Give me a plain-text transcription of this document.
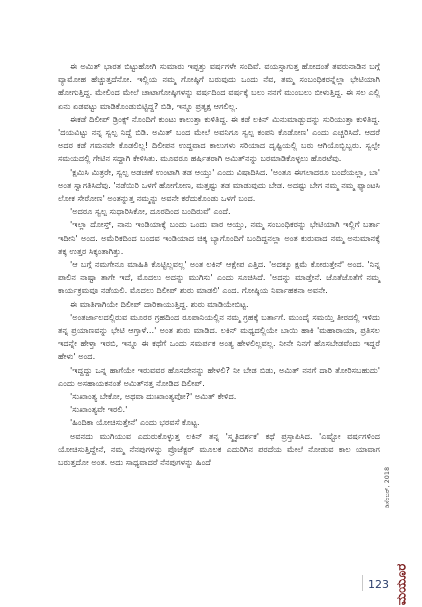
ಈ ಅಮಿತ್ ಭಾರತ ಬಿಟ್ಟುಹೋಗಿ ಸುಮಾರು ಇಪ್ಪತ್ತು ವರ್ಷಗಳೇ ಸಂದಿವೆ. ವಯಸ್ಸಾಗುತ್ತ ಹೋದಂತೆ ತವರುನಾಡಿನ ಬಗ್ಗೆ ವ್ಯಾಮೋಹ ಹೆಚ್ಚುತ್ತದೆನೋ. ಇಲ್ಲಿಯ ನಮ್ಮ ಗೋಷ್ಠಿಗೆ ಬರುವುದು ಒಂದು ನೆವ, ತಮ್ಮ ಸಂಬಂಧಿಕರನ್ನೆಲ್ಲಾ ಭೇಟಿಯಾಗಿ ಹೋಗುತ್ತಿದ್ದ. ಮೇಲಿಂದ ಮೇಲೆ ಚಾಟಾಗೋಷ್ಠಿಗಳನ್ನು ವರ್ಷದಿಂದ ವರ್ಷಕ್ಕೆ ಬಲು ನನಗೆ ಮುಂಬಲು ಬೀಳುತ್ತಿದ್ದ. ಈ ಸಲ ಎಲ್ಲಿ ಏನು ಏಡವಟ್ಟು ಮಾಡಿಕೊಂಡುಬಿಟ್ಟಿದ್ದ? ಬಿಡಿ, ಇನ್ನೂ ಪ್ರತ್ಯಕ್ಷ ಆಗಲಿಲ್ಲ.

ಈಕಡೆ ದಿಲೀಪ್ ಡ್ರಿಂಕ್ಸ್ ನೊಂದಿಗೆ ಕುಂಟು ಕಾಲುತ್ತಾ ಕುಳಿತಿದ್ದ. ಈ ಕಡೆ ಲಕಿನ್ ಮಿನುಮಾಡ್ಬುದನ್ನು ಸುರಿಯುತ್ತಾ ಕುಳಿತಿದ್ದ. 'ದಯವಿಟ್ಟು ನನ್ನ ಸ್ವಲ್ಪ ನಿದ್ದೆ ಬಿಡಿ. ಅಮಿತ್ ಬಂದ ಮೇಲೆ ಅವನಿಗೂ ಸ್ವಲ್ಪ ಕಂಪನಿ ಕೊಡೋಣ' ಎಂದು ಎಚ್ಚರಿಸಿದೆ. ಆದರೆ ಅದರ ಕಡೆ ಗಮನವೇ ಕೊಡಲಿಲ್ಲ! ದಿಲೀಪನ ಉದ್ದವಾದ ಕಾಲುಗಳು ಸರಿಯಾದ ದೃಷ್ಟಿಯಲ್ಲಿ ಬರು ಆಗಿಯೊಬ್ಬಿಬ್ಬರು. ಸ್ವಲ್ಪೇ ಸಮಯದಲ್ಲಿ ಗೇಟಿನ ಸದ್ದಾಗಿ ಕೇಳಿಸಿತು. ಮೂವರೂ ಹರ್ಷಿತರಾಗಿ ಅಮಿತ್‌ನನ್ನು ಬರಮಾಡಿಕೊಳ್ಳಲು ಹೊರಟೆವು.

'ಕ್ಷಮಿಸಿ ಮಿತ್ರರೇ, ಸ್ವಲ್ಪ ಅಡಚಣೆ ಉಂಟಾಗಿ ತಡ ಆಯ್ತು' ಎಂದು ವಿಷಾದಿಸಿದ. 'ಅಂತೂ ಈಗಲಾದರೂ ಬಂದೆಯಲ್ಲಾ, ಬಾ' ಅಂತ ಸ್ವಾಗತಿಸಿದೆವು. 'ನಡೆಯಿರಿ ಒಳಗೆ ಹೋಗೋಣ, ಮತ್ತಷ್ಟು ತಡ ಮಾಡುವುದು ಬೇಡ. ಅದಷ್ಟು ಬೇಗ ನಮ್ಮ ನಮ್ಮ ಫ್ಯಾಂಟಸಿ ಲೋಕ ಸೇರೋಣ' ಅಂತನ್ನುತ್ತ ನಮ್ಮನ್ನು ಅವನೇ ಕರೆದುಕೊಂಡು ಒಳಗೆ ಬಂದ.

'ಅದರೂ ಸ್ವಲ್ಪ ಸುಧಾರಿಸಿಕೋ, ದೂರದಿಂದ ಬಂದಿರುವೆ' ಎಂದೆ.

'ಇಲ್ಲಾ ದೋಸ್ತ್, ನಾನು ಇಂಡಿಯಾಕ್ಕೆ ಬಂದು ಒಂದು ವಾರ ಆಯ್ತು, ನಮ್ಮ ಸಂಬಂಧಿಕರನ್ನು ಭೇಟಿಯಾಗಿ ಇಲ್ಲಿಗೆ ಬರ್ತಾ ಇದೀನಿ' ಅಂದ. ಅಮೆರಿಕದಿಂದ ಬಂದವ ಇಂಡಿಯಾದ ಚಿಕ್ಕ ಬ್ಯಾಗೊಂದಿಗೆ ಬಂದಿದ್ದನಲ್ಲಾ ಅಂತ ಕುರುವಾದ ನಮ್ಮ ಅನುಮಾನಕ್ಕೆ ತಕ್ಕ ಉತ್ತರ ಸಿಕ್ಕಂತಾಗಿತ್ತು.

'ಆ ಬಗ್ಗೆ ನಮಗೇನೂ ಮಾಹಿತಿ ಕೊಟ್ಟಿಲ್ಲವಲ್ಲ' ಅಂತ ಲಕಿನ್ ಆಕ್ಷೇಪ ಎತ್ತಿದ. 'ಅದಕ್ಕೂ ಕ್ಷಮೆ ಕೋರುತ್ತೇನೆ' ಅಂದ. 'ನಿನ್ನ ಪಾಲಿನ ನಾಷ್ಟಾ ತಾಗೇ ಇದೆ, ಮೊದಲು ಅದನ್ನು ಮುಗಿಸು' ಎಂದು ಸೂಚಿಸಿದೆ. 'ಅದನ್ನು ಮಾಡ್ತೇನೆ. ಜೊತೆಜೊತೆಗೆ ನಮ್ಮ ಕಾರ್ಯಕ್ರಮವೂ ನಡೆಯಲಿ. ಮೊದಲು ದಿಲೀಪ್ ಶುರು ಮಾಡಲಿ' ಎಂದ. ಗೋಷ್ಠಿಯ ನಿರ್ವಾಹಕನಾ ಅವನೇ.

ಈ ಮಾತಿಗಾಗಿಯೇ ದಿಲೀಪ್ ದಾರಿಕಾಯುತ್ತಿದ್ದ. ಶುರು ಮಾಡಿಯೇಬಿಟ್ಟ.

'ಅಂತರ್ಜಾಲದಲ್ಲಿರುವ ಮೂರರ ಗ್ರಹದಿಂದ ರೂಪಾನಿಯಲ್ಲಿನ ನಮ್ಮ ಗ್ರಹಕ್ಕೆ ಬರ್ತಾಗೆ. ಮುಂದೈ ಸಮಯ್ತಿ ತೀರದಲ್ಲಿ ಇಳಿದು ತನ್ನ ಪ್ರಯಾಣವನ್ನು ಭೇಟಿ ಆಗ್ತಾಳೆ...' ಅಂತ ಶುರು ಮಾಡಿದ. ಲಕಿನ್ ಮಧ್ಯದಲ್ಲಿಯೇ ಬಾಯಿ ಹಾಕಿ 'ಮಹಾರಾಯಾ, ಪ್ರತಿಸಲ ಇದನ್ನೇ ಹೇಳ್ತಾ ಇರಬಿ, ಇನ್ನೂ ಈ ಕಥೆಗೆ ಒಂದು ಸಮರ್ಪಕ ಅಂತ್ಯ ಹೇಳಲಿಲ್ಲವಲ್ಲ. ನೀನೇ ನಿನಗೆ ಹೊಸಬೇಡವೆಂದು ಇದ್ದರೆ ಹೇಳು' ಅಂದ.

'ಇದ್ದದ್ದು ಒನ್ನ ಹಾಗೆಯೇ ಇರುವವರ ಹೊಸದೇನನ್ನು ಹೇಳಲಿ? ನೀ ಬೇಡ ಬಿಡು, ಅಮಿತ್ ನನಗೆ ದಾರಿ ತೋರಿಸಬಹುದು' ಎಂದು ಅಸಹಾಯಕನಂತೆ ಅಮಿತ್‌ನತ್ತ ನೋಡಿದ ದಿಲೀಪ್.

'ಸುಖಾಂತ್ಯ ಬೇಕೋ, ಅಥವಾ ದುಃಖಾಂತ್ಯವೋ?' ಅಮಿತ್ ಕೇಳಿದ.

'ಸುಖಾಂತ್ಯವೇ ಇರಲಿ.'

'ಹಿಂದಿಕಾ ಯೋಚಿಸುತ್ತೇನೆ' ಎಂದು ಭರವಸೆ ಕೊಟ್ಟ.

ಅವನದು ಮುಗಿಯುವ ಎದುರುಕೊಳ್ಳುತ್ತ ಲಕಿನ್ ತನ್ನ 'ಸ್ಮೃತಿದರ್ಶಕ' ಕಥೆ ಪ್ರಸ್ತಾಪಿಸಿದ. 'ಎಷ್ಟೋ ವರ್ಷಗಳಿಂದ ಯೋಚಿಸುತ್ತಿದ್ದೇನೆ, ನಮ್ಮ ನೆನಪುಗಳನ್ನು ಪ್ರೊಜೆಕ್ಟರ್ ಮೂಲಕ ಎದುರಿಗಿನ ಪರದೆಯ ಮೇಲೆ ನೋಡುವ ಕಾಲ ಯಾವಾಗ ಬರುತ್ತದೋ ಅಂತ. ಅದು ಸಾಧ್ಯವಾದರೆ ನೆನಪುಗಳನ್ನು ಹಿಂದೆ

ಡಿಸೆಂಬರ್, 2018
ಮಯೂರ
123
